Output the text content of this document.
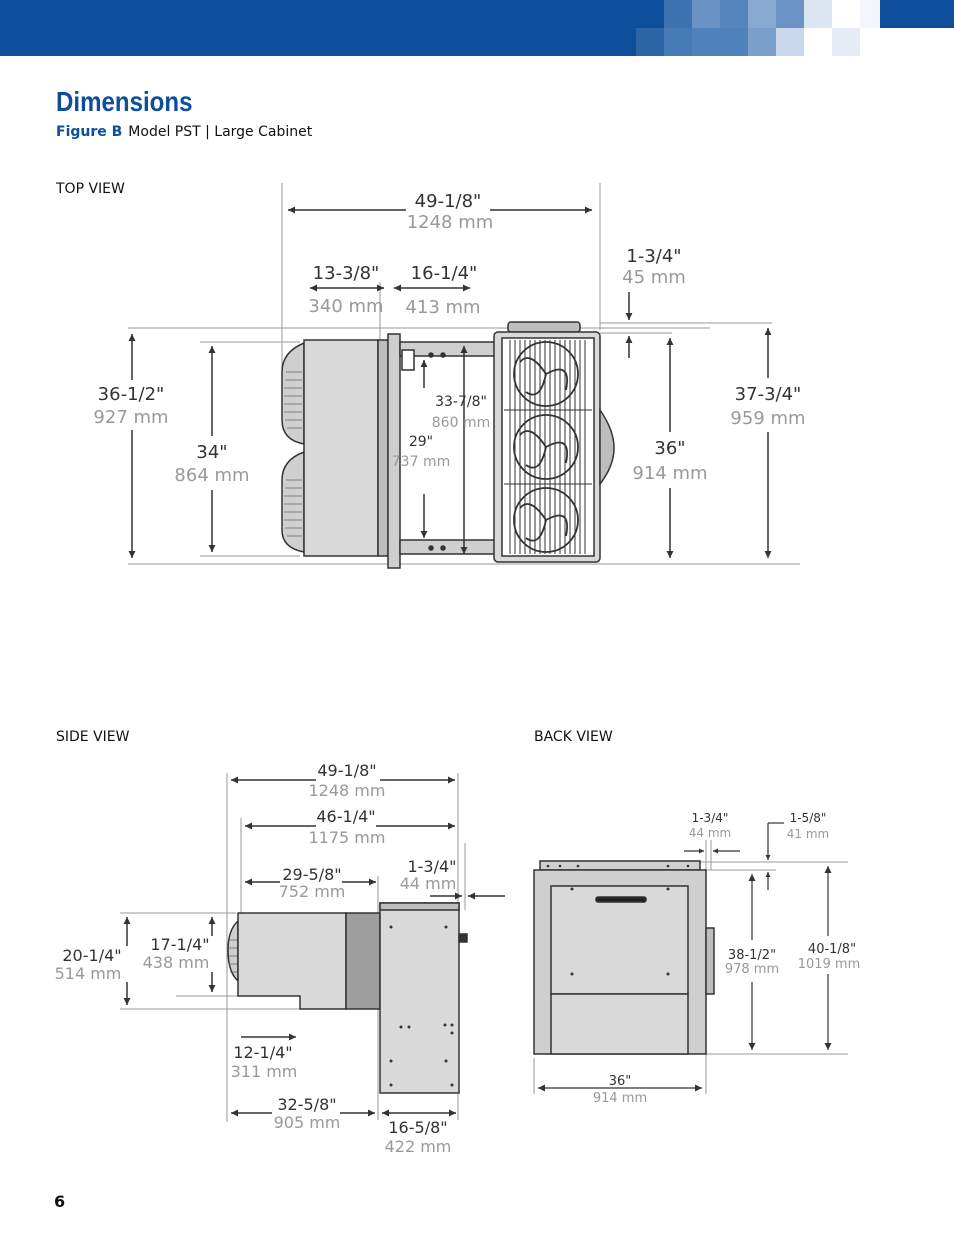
Dimensions
Figure B Model PST | Large Cabinet
TOP VIEW
SIDE VIEW	BACK VIEW
49-1/8"
1248 mm
13-3/8"
340 mm
16-1/4"
413 mm
1-3/4"
45 mm
36-1/2"
927 mm
34"
864 mm
33-7/8"
860 mm
29"
737 mm
36"
914 mm
37-3/4"
959 mm
49-1/8"
1248 mm
46-1/4"
1175 mm
29-5/8"
752 mm
1-3/4"
44 mm
20-1/4"
514 mm
17-1/4"
438 mm
12-1/4"
311 mm
32-5/8"
905 mm	16-5/8"
422 mm
1-3/4"
44 mm
1-5/8"
41 mm
38-1/2"
978 mm
40-1/8"
1019 mm
36"
914 mm
6
